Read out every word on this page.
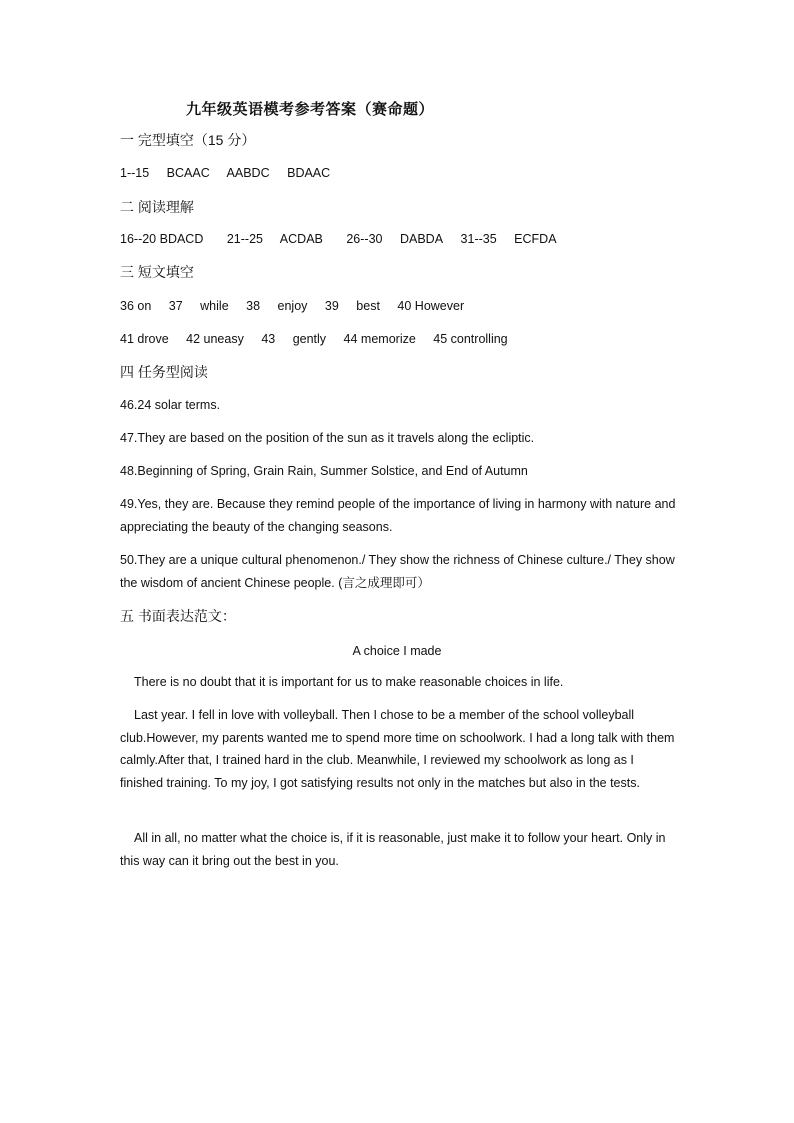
九年级英语模考参考答案（赛命题）
一 完型填空（15 分）
1--15 BCAAC AABDC BDAAC
二 阅读理解
16--20 BDACD 21--25 ACDAB 26--30 DABDA 31--35 ECFDA
三 短文填空
36 on 37 while 38 enjoy 39 best 40 However
41 drove 42 uneasy 43 gently 44 memorize 45 controlling
四 任务型阅读
46.24 solar terms.
47.They are based on the position of the sun as it travels along the ecliptic.
48.Beginning of Spring, Grain Rain, Summer Solstice, and End of Autumn
49.Yes, they are. Because they remind people of the importance of living in harmony with nature and appreciating the beauty of the changing seasons.
50.They are a unique cultural phenomenon./ They show the richness of Chinese culture./ They show the wisdom of ancient Chinese people. (言之成理即可）
五 书面表达范文：
A choice I made
There is no doubt that it is important for us to make reasonable choices in life.
Last year. I fell in love with volleyball. Then I chose to be a member of the school volleyball club.However, my parents wanted me to spend more time on schoolwork. I had a long talk with them calmly.After that, I trained hard in the club. Meanwhile, I reviewed my schoolwork as long as I finished training. To my joy, I got satisfying results not only in the matches but also in the tests.
All in all, no matter what the choice is, if it is reasonable, just make it to follow your heart. Only in this way can it bring out the best in you.
